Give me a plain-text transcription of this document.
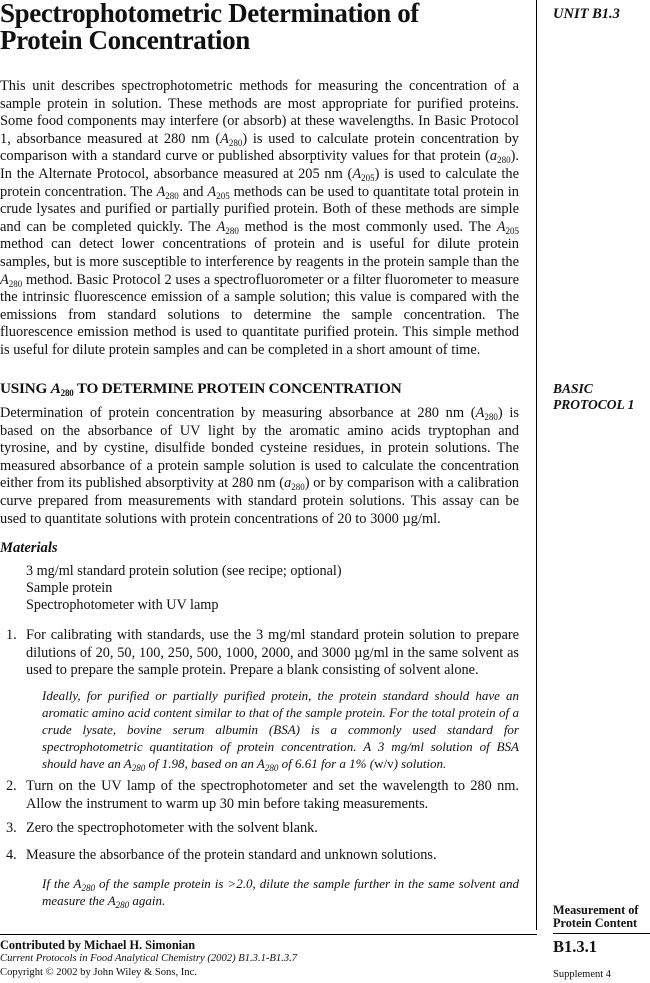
Spectrophotometric Determination of
Protein Concentration
UNIT B1.3
This unit describes spectrophotometric methods for measuring the concentration of a sample protein in solution. These methods are most appropriate for purified proteins. Some food components may interfere (or absorb) at these wavelengths. In Basic Protocol 1, absorbance measured at 280 nm $(A_{280})$ is used to calculate protein concentration by comparison with a standard curve or published absorptivity values for that protein $(a_{280})$. In the Alternate Protocol, absorbance measured at 205 nm $(A_{205})$ is used to calculate the protein concentration. The $A_{280}$ and $A_{205}$ methods can be used to quantitate total protein in crude lysates and purified or partially purified protein. Both of these methods are simple and can be completed quickly. The $A_{280}$ method is the most commonly used. The $A_{205}$ method can detect lower concentrations of protein and is useful for dilute protein samples, but is more susceptible to interference by reagents in the protein sample than the $A_{280}$ method. Basic Protocol 2 uses a spectrofluorometer or a filter fluorometer to measure the intrinsic fluorescence emission of a sample solution; this value is compared with the emissions from standard solutions to determine the sample concentration. The fluorescence emission method is used to quantitate purified protein. This simple method is useful for dilute protein samples and can be completed in a short amount of time.
USING $A_{280}$ TO DETERMINE PROTEIN CONCENTRATION	BASIC
PROTOCOL 1
Determination of protein concentration by measuring absorbance at 280 nm $(A_{280})$ is based on the absorbance of UV light by the aromatic amino acids tryptophan and tyrosine, and by cystine, disulfide bonded cysteine residues, in protein solutions. The measured absorbance of a protein sample solution is used to calculate the concentration either from its published absorptivity at 280 nm $(a_{280})$ or by comparison with a calibration curve prepared from measurements with standard protein solutions. This assay can be used to quantitate solutions with protein concentrations of 20 to 3000 µg/ml.
Materials
3 mg/ml standard protein solution (see recipe; optional)
Sample protein
Spectrophotometer with UV lamp
1. For calibrating with standards, use the 3 mg/ml standard protein solution to prepare dilutions of 20, 50, 100, 250, 500, 1000, 2000, and 3000 µg/ml in the same solvent as used to prepare the sample protein. Prepare a blank consisting of solvent alone.
Ideally, for purified or partially purified protein, the protein standard should have an aromatic amino acid content similar to that of the sample protein. For the total protein of a crude lysate, bovine serum albumin (BSA) is a commonly used standard for spectrophotometric quantitation of protein concentration. A 3 mg/ml solution of BSA should have an $A_{280}$ of 1.98, based on an $A_{280}$ of 6.61 for a 1% (w/v) solution.
2. Turn on the UV lamp of the spectrophotometer and set the wavelength to 280 nm. Allow the instrument to warm up 30 min before taking measurements.
3. Zero the spectrophotometer with the solvent blank.
4. Measure the absorbance of the protein standard and unknown solutions.
If the $A_{280}$ of the sample protein is >2.0, dilute the sample further in the same solvent and measure the $A_{280}$ again.
Measurement of
Protein Content
Contributed by Michael H. Simonian
Current Protocols in Food Analytical Chemistry (2002) B1.3.1-B1.3.7
Copyright © 2002 by John Wiley & Sons, Inc.
B1.3.1
Supplement 4
